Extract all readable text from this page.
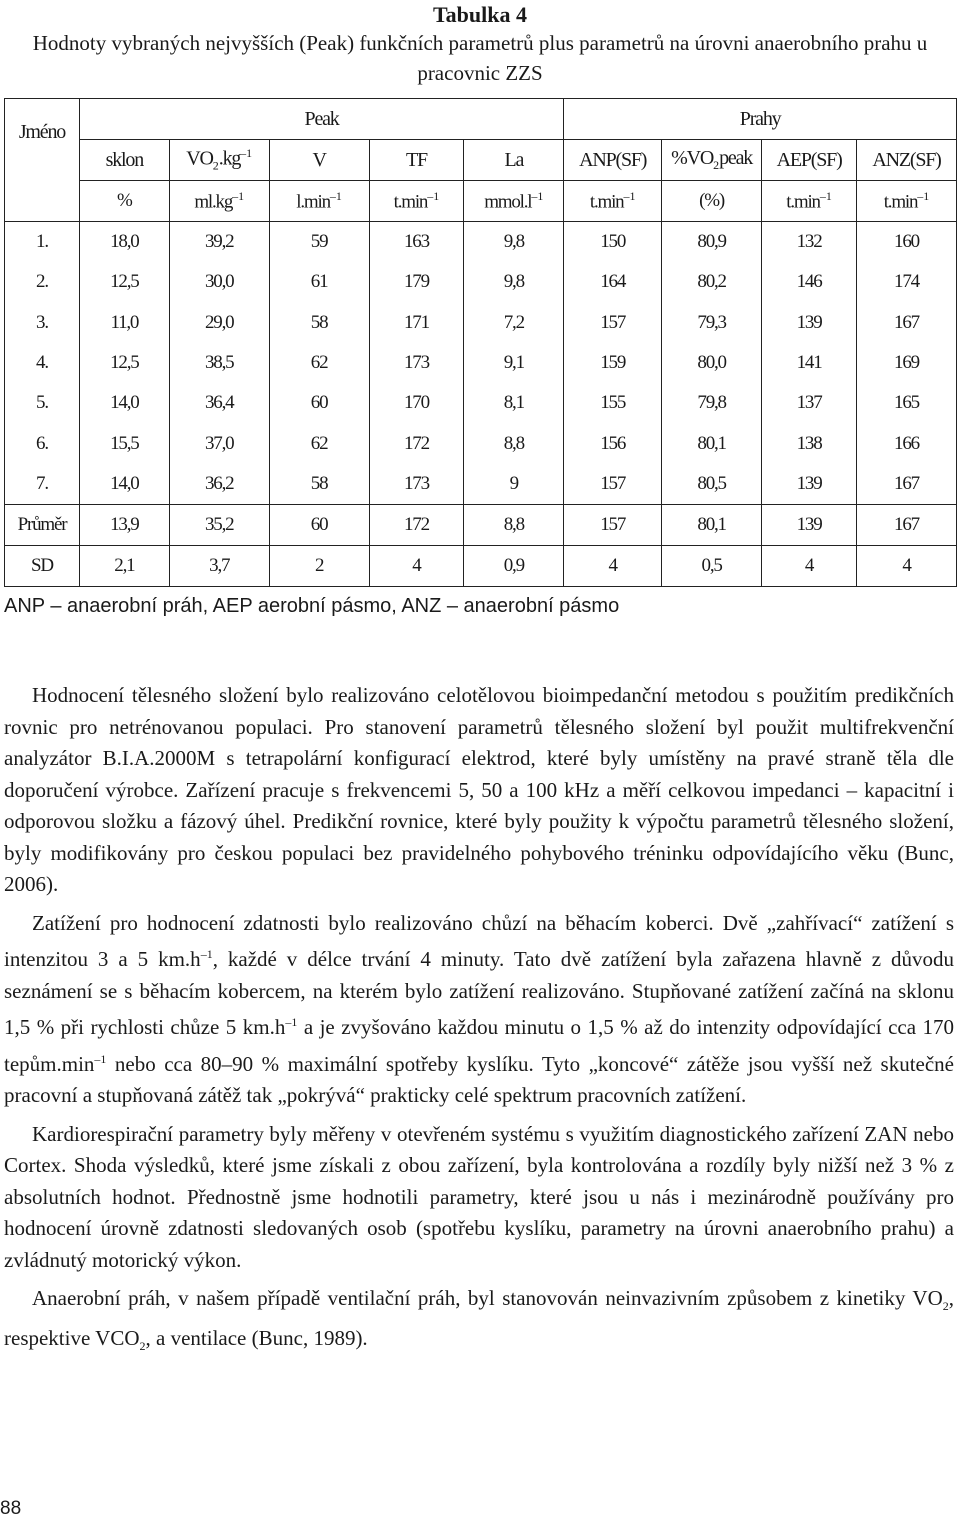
Tabulka 4
Hodnoty vybraných nejvyšších (Peak) funkčních parametrů plus parametrů na úrovni anaerobního prahu u pracovnic ZZS
Jméno	Peak					Prahy			
	sklon	$VO_2.kg^{-1}$	V	TF	La	ANP(SF)	$\%VO_2peak$	AEP(SF)	ANZ(SF)
	%	$ml.kg^{-1}$	$l.\min^{-1}$	$t.\min^{-1}$	$mmol.l^{-1}$	$t.\min^{-1}$	(%)	$t.\min^{-1}$	$t.\min^{-1}$
1.	18,0	39,2	59	163	9,8	150	80,9	132	160
2.	12,5	30,0	61	179	9,8	164	80,2	146	174
3.	11,0	29,0	58	171	7,2	157	79,3	139	167
4.	12,5	38,5	62	173	9,1	159	80,0	141	169
5.	14,0	36,4	60	170	8,1	155	79,8	137	165
6.	15,5	37,0	62	172	8,8	156	80,1	138	166
7.	14,0	36,2	58	173	9	157	80,5	139	167
Průměr	13,9	35,2	60	172	8,8	157	80,1	139	167
SD	2,1	3,7	2	4	0,9	4	0,5	4	4
ANP – anaerobní práh, AEP aerobní pásmo, ANZ – anaerobní pásmo

Hodnocení tělesného složení bylo realizováno celotělovou bioimpedanční metodou s použitím predikčních rovnic pro netrénovanou populaci. Pro stanovení parametrů tělesného složení byl použit multifrekvenční analyzátor B.I.A.2000M s tetrapolární konfigurací elektrod, které byly umístěny na pravé straně těla dle doporučení výrobce. Zařízení pracuje s frekvencemi 5, 50 a 100 kHz a měří celkovou impedanci – kapacitní i odporovou složku a fázový úhel. Predikční rovnice, které byly použity k výpočtu parametrů tělesného složení, byly modifikovány pro českou populaci bez pravidelného pohybového tréninku odpovídajícího věku (Bunc, 2006).

Zatížení pro hodnocení zdatnosti bylo realizováno chůzí na běhacím koberci. Dvě „zahřívací“ zatížení s intenzitou 3 a 5 $km.h^{-1}$, každé v délce trvání 4 minuty. Tato dvě zatížení byla zařazena hlavně z důvodu seznámení se s běhacím kobercem, na kterém bylo zatížení realizováno. Stupňované zatížení začíná na sklonu 1,5 % při rychlosti chůze 5 $km.h^{-1}$ a je zvyšováno každou minutu o 1,5 % až do intenzity odpovídající cca 170 $tepům.\min^{-1}$ nebo cca 80–90 % maximální spotřeby kyslíku. Tyto „koncové“ zátěže jsou vyšší než skutečné pracovní a stupňovaná zátěž tak „pokrývá“ prakticky celé spektrum pracovních zatížení.

Kardiorespirační parametry byly měřeny v otevřeném systému s využitím diagnostického zařízení ZAN nebo Cortex. Shoda výsledků, které jsme získali z obou zařízení, byla kontrolována a rozdíly byly nižší než 3 % z absolutních hodnot. Přednostně jsme hodnotili parametry, které jsou u nás i mezinárodně používány pro hodnocení úrovně zdatnosti sledovaných osob (spotřebu kyslíku, parametry na úrovni anaerobního prahu) a zvládnutý motorický výkon.

Anaerobní práh, v našem případě ventilační práh, byl stanovován neinvazivním způsobem z kinetiky $VO_2$, respektive $VCO_2$, a ventilace (Bunc, 1989).

88
